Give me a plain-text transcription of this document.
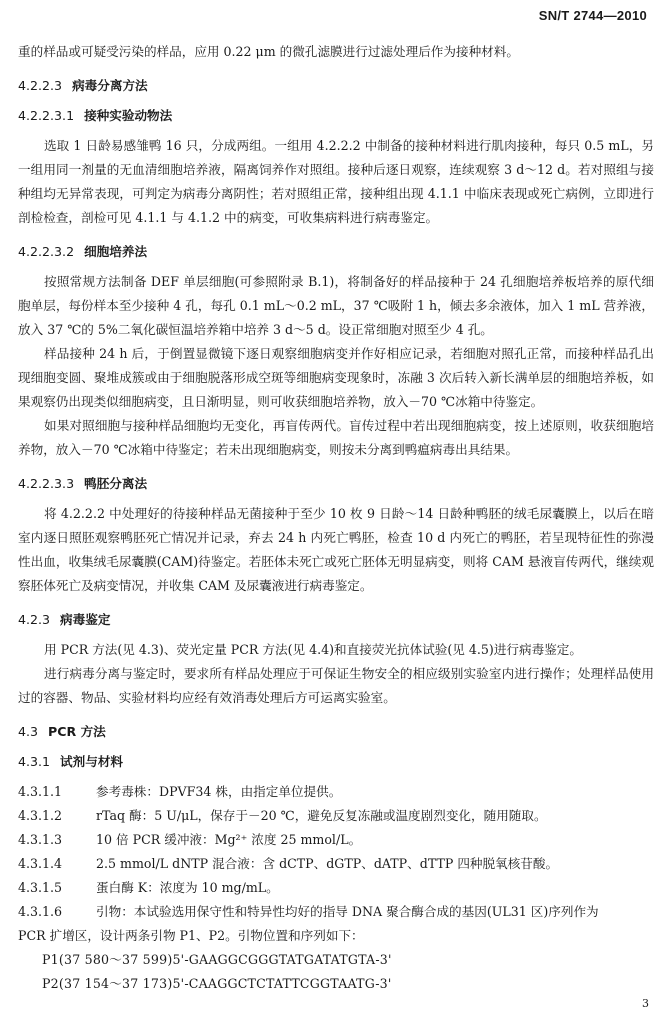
SN/T 2744—2010

重的样品或可疑受污染的样品，应用 0.22 μm 的微孔滤膜进行过滤处理后作为接种材料。

4.2.2.3 病毒分离方法
4.2.2.3.1 接种实验动物法

选取 1 日龄易感雏鸭 16 只，分成两组。一组用 4.2.2.2 中制备的接种材料进行肌肉接种，每只 0.5 mL，另一组用同一剂量的无血清细胞培养液，隔离饲养作对照组。接种后逐日观察，连续观察 3 d～12 d。若对照组与接种组均无异常表现，可判定为病毒分离阴性；若对照组正常，接种组出现 4.1.1 中临床表现或死亡病例，立即进行剖检检查，剖检可见 4.1.1 与 4.1.2 中的病变，可收集病料进行病毒鉴定。

4.2.2.3.2 细胞培养法

按照常规方法制备 DEF 单层细胞(可参照附录 B.1)，将制备好的样品接种于 24 孔细胞培养板培养的原代细胞单层，每份样本至少接种 4 孔，每孔 0.1 mL～0.2 mL，37 ℃吸附 1 h，倾去多余液体，加入 1 mL 营养液，放入 37 ℃的 5%二氧化碳恒温培养箱中培养 3 d～5 d。设正常细胞对照至少 4 孔。

样品接种 24 h 后，于倒置显微镜下逐日观察细胞病变并作好相应记录，若细胞对照孔正常，而接种样品孔出现细胞变圆、聚堆成簇或由于细胞脱落形成空斑等细胞病变现象时，冻融 3 次后转入新长满单层的细胞培养板，如果观察仍出现类似细胞病变，且日渐明显，则可收获细胞培养物，放入－70 ℃冰箱中待鉴定。

如果对照细胞与接种样品细胞均无变化，再盲传两代。盲传过程中若出现细胞病变，按上述原则，收获细胞培养物，放入－70 ℃冰箱中待鉴定；若未出现细胞病变，则按未分离到鸭瘟病毒出具结果。

4.2.2.3.3 鸭胚分离法

将 4.2.2.2 中处理好的待接种样品无菌接种于至少 10 枚 9 日龄～14 日龄种鸭胚的绒毛尿囊膜上，以后在暗室内逐日照胚观察鸭胚死亡情况并记录，弃去 24 h 内死亡鸭胚，检查 10 d 内死亡的鸭胚，若呈现特征性的弥漫性出血，收集绒毛尿囊膜(CAM)待鉴定。若胚体未死亡或死亡胚体无明显病变，则将 CAM 悬液盲传两代，继续观察胚体死亡及病变情况，并收集 CAM 及尿囊液进行病毒鉴定。

4.2.3 病毒鉴定

用 PCR 方法(见 4.3)、荧光定量 PCR 方法(见 4.4)和直接荧光抗体试验(见 4.5)进行病毒鉴定。

进行病毒分离与鉴定时，要求所有样品处理应于可保证生物安全的相应级别实验室内进行操作；处理样品使用过的容器、物品、实验材料均应经有效消毒处理后方可运离实验室。

4.3 PCR 方法
4.3.1 试剂与材料
4.3.1.1	参考毒株：DPVF34 株，由指定单位提供。
4.3.1.2	rTaq 酶：5 U/μL，保存于－20 ℃，避免反复冻融或温度剧烈变化，随用随取。
4.3.1.3	10 倍 PCR 缓冲液：Mg²⁺ 浓度 25 mmol/L。
4.3.1.4	2.5 mmol/L dNTP 混合液：含 dCTP、dGTP、dATP、dTTP 四种脱氧核苷酸。
4.3.1.5	蛋白酶 K：浓度为 10 mg/mL。
4.3.1.6	引物：本试验选用保守性和特异性均好的指导 DNA 聚合酶合成的基因(UL31 区)序列作为

PCR 扩增区，设计两条引物 P1、P2。引物位置和序列如下：

P1(37 580～37 599)5'-GAAGGCGGGTATGATATGTA-3'

P2(37 154～37 173)5'-CAAGGCTCTATTCGGTAATG-3'

3
